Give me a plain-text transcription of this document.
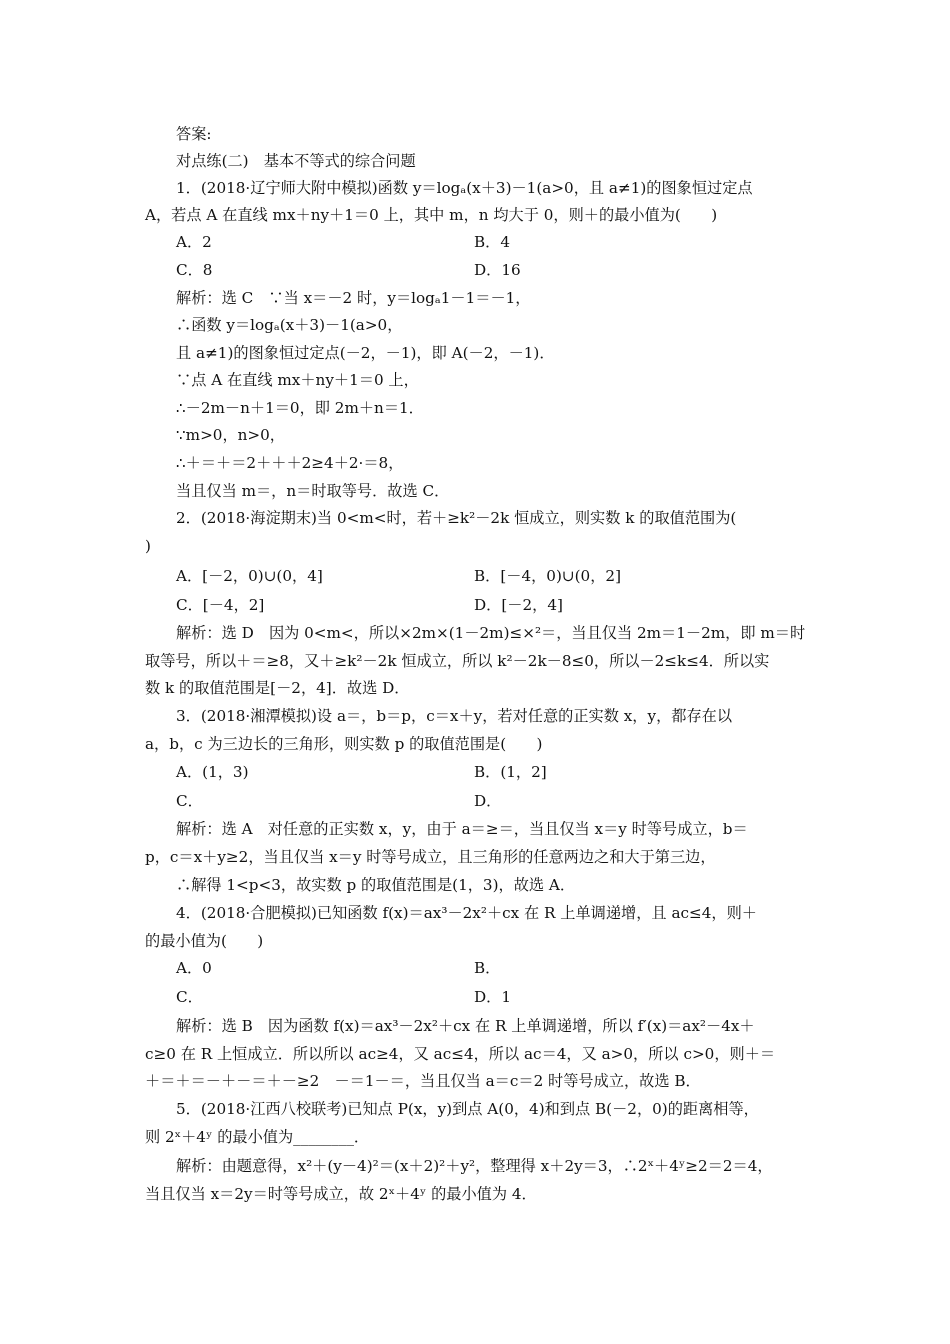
答案:
对点练(二)　基本不等式的综合问题
1．(2018·辽宁师大附中模拟)函数 y＝logₐ(x＋3)－1(a>0，且 a≠1)的图象恒过定点
A，若点 A 在直线 mx＋ny＋1＝0 上，其中 m，n 均大于 0，则＋的最小值为(　　)
A．2	B．4
C．8	D．16
解析：选 C　∵当 x＝－2 时，y＝logₐ1－1＝－1，
∴函数 y＝logₐ(x＋3)－1(a>0，
且 a≠1)的图象恒过定点(－2，－1)，即 A(－2，－1)．
∵点 A 在直线 mx＋ny＋1＝0 上，
∴－2m－n＋1＝0，即 2m＋n＝1．
∵m>0，n>0，
∴＋＝＋＝2＋＋＋2≥4＋2·＝8，
当且仅当 m＝，n＝时取等号．故选 C．
2．(2018·海淀期末)当 0<m<时，若＋≥k²－2k 恒成立，则实数 k 的取值范围为(
)
A．[－2，0)∪(0，4]	B．[－4，0)∪(0，2]
C．[－4，2]	D．[－2，4]
解析：选 D　因为 0<m<，所以×2m×(1－2m)≤×²＝，当且仅当 2m＝1－2m，即 m＝时
取等号，所以＋＝≥8，又＋≥k²－2k 恒成立，所以 k²－2k－8≤0，所以－2≤k≤4．所以实
数 k 的取值范围是[－2，4]．故选 D．
3．(2018·湘潭模拟)设 a＝，b＝p，c＝x＋y，若对任意的正实数 x，y，都存在以
a，b，c 为三边长的三角形，则实数 p 的取值范围是(　　)
A．(1，3)	B．(1，2]
C．	D．
解析：选 A　对任意的正实数 x，y，由于 a＝≥＝，当且仅当 x＝y 时等号成立，b＝
p，c＝x＋y≥2，当且仅当 x＝y 时等号成立，且三角形的任意两边之和大于第三边，
∴解得 1<p<3，故实数 p 的取值范围是(1，3)，故选 A．
4．(2018·合肥模拟)已知函数 f(x)＝ax³－2x²＋cx 在 R 上单调递增，且 ac≤4，则＋
的最小值为(　　)
A．0	B．
C．	D．1
解析：选 B　因为函数 f(x)＝ax³－2x²＋cx 在 R 上单调递增，所以 f′(x)＝ax²－4x＋
c≥0 在 R 上恒成立．所以所以 ac≥4，又 ac≤4，所以 ac＝4，又 a>0，所以 c>0，则＋＝
＋＝＋＝－＋－＝＋－≥2　－＝1－＝，当且仅当 a＝c＝2 时等号成立，故选 B．
5．(2018·江西八校联考)已知点 P(x，y)到点 A(0，4)和到点 B(－2，0)的距离相等，
则 2ˣ＋4ʸ 的最小值为________．
解析：由题意得，x²＋(y－4)²＝(x＋2)²＋y²，整理得 x＋2y＝3，∴2ˣ＋4ʸ≥2＝2＝4，
当且仅当 x＝2y＝时等号成立，故 2ˣ＋4ʸ 的最小值为 4．
